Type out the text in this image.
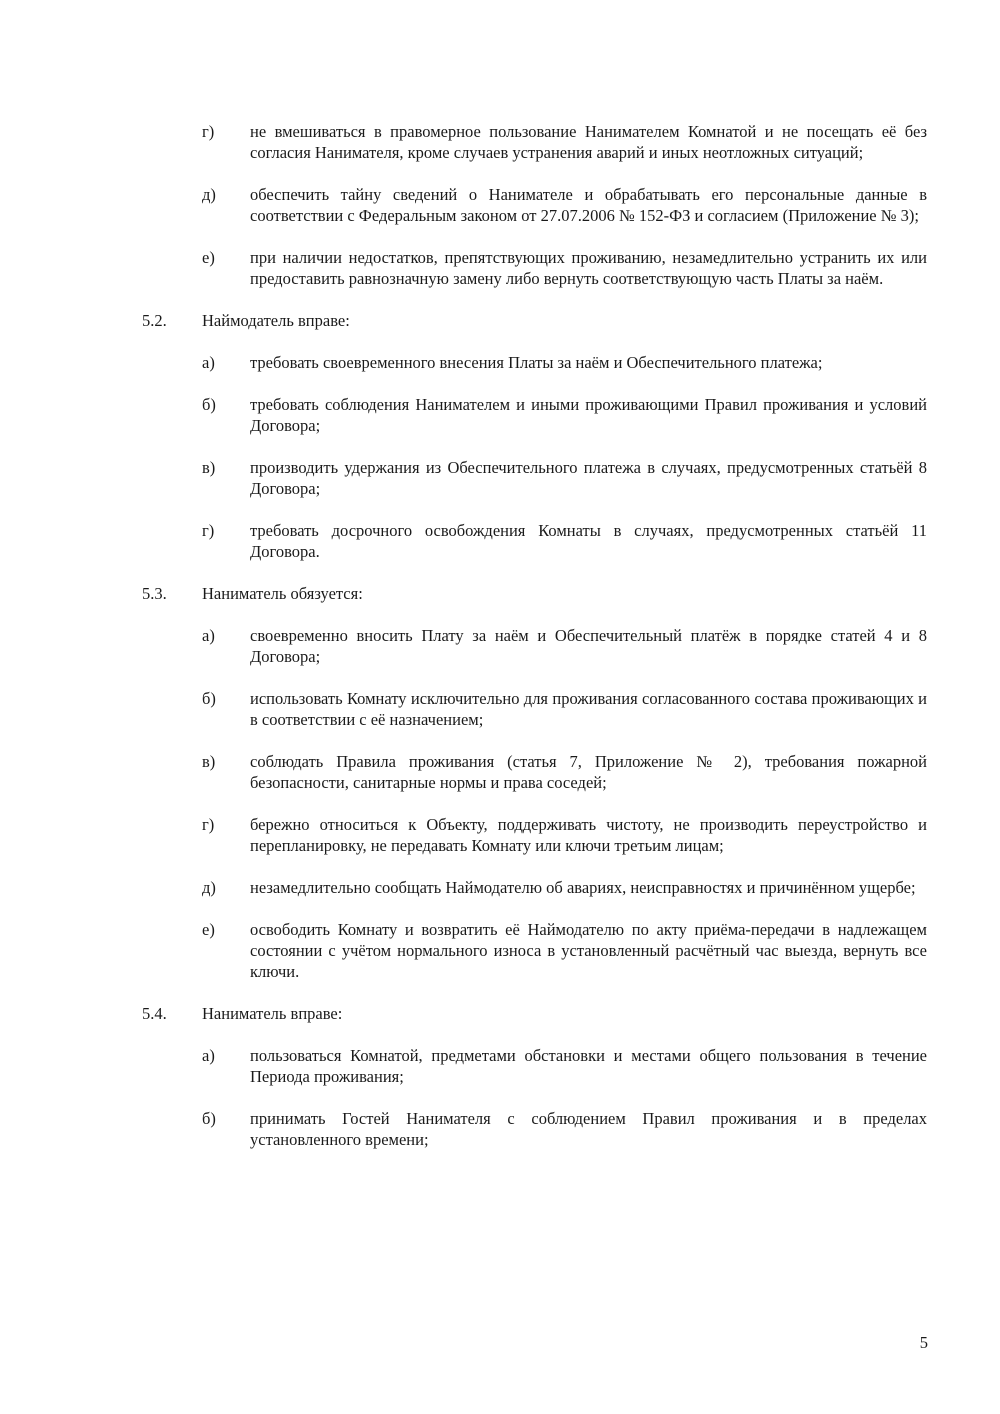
г) не вмешиваться в правомерное пользование Нанимателем Комнатой и не посещать её без согласия Нанимателя, кроме случаев устранения аварий и иных неотложных ситуаций;
д) обеспечить тайну сведений о Нанимателе и обрабатывать его персональные данные в соответствии с Федеральным законом от 27.07.2006 № 152-ФЗ и согласием (Приложение № 3);
е) при наличии недостатков, препятствующих проживанию, незамедлительно устранить их или предоставить равнозначную замену либо вернуть соответствующую часть Платы за наём.
5.2. Наймодатель вправе:
а) требовать своевременного внесения Платы за наём и Обеспечительного платежа;
б) требовать соблюдения Нанимателем и иными проживающими Правил проживания и условий Договора;
в) производить удержания из Обеспечительного платежа в случаях, предусмотренных статьёй 8 Договора;
г) требовать досрочного освобождения Комнаты в случаях, предусмотренных статьёй 11 Договора.
5.3. Наниматель обязуется:
а) своевременно вносить Плату за наём и Обеспечительный платёж в порядке статей 4 и 8 Договора;
б) использовать Комнату исключительно для проживания согласованного состава проживающих и в соответствии с её назначением;
в) соблюдать Правила проживания (статья 7, Приложение № 2), требования пожарной безопасности, санитарные нормы и права соседей;
г) бережно относиться к Объекту, поддерживать чистоту, не производить переустройство и перепланировку, не передавать Комнату или ключи третьим лицам;
д) незамедлительно сообщать Наймодателю об авариях, неисправностях и причинённом ущербе;
е) освободить Комнату и возвратить её Наймодателю по акту приёма-передачи в надлежащем состоянии с учётом нормального износа в установленный расчётный час выезда, вернуть все ключи.
5.4. Наниматель вправе:
а) пользоваться Комнатой, предметами обстановки и местами общего пользования в течение Периода проживания;
б) принимать Гостей Нанимателя с соблюдением Правил проживания и в пределах установленного времени;
5
